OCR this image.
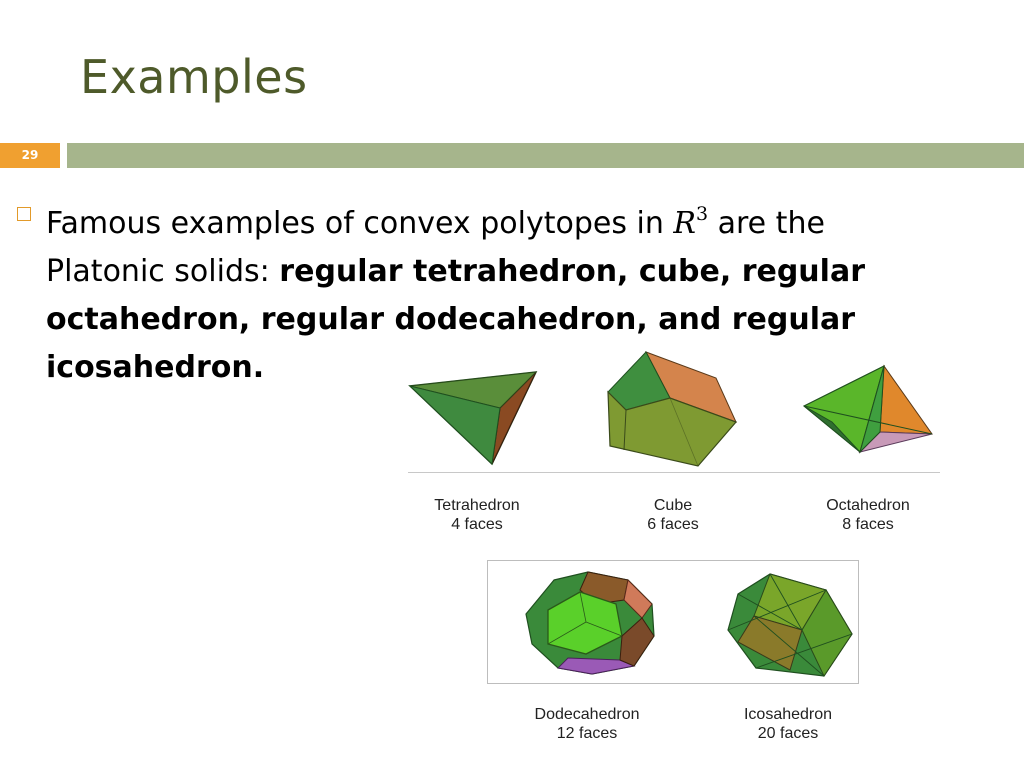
Examples
29
Famous examples of convex polytopes in $R^3$ are the Platonic solids: regular tetrahedron, cube, regular octahedron, regular dodecahedron, and regular icosahedron.
Tetrahedron
4 faces
Cube
6 faces
Octahedron
8 faces
Dodecahedron
12 faces
Icosahedron
20 faces
